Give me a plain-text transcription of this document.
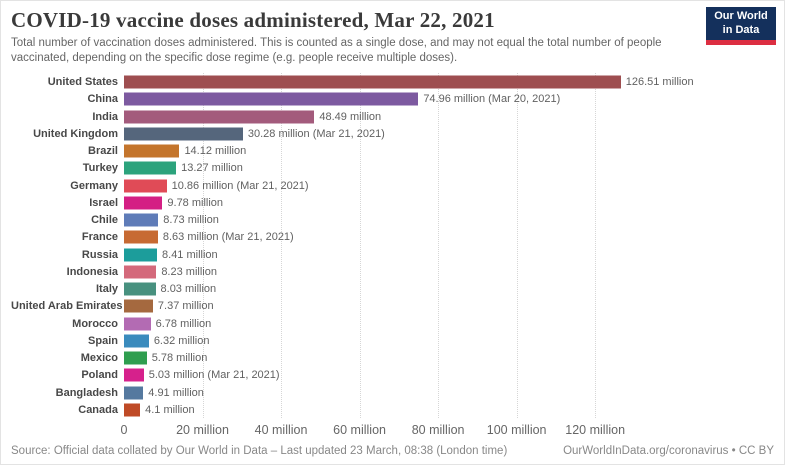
COVID-19 vaccine doses administered, Mar 22, 2021
Total number of vaccination doses administered. This is counted as a single dose, and may not equal the total number of people vaccinated, depending on the specific dose regime (e.g. people receive multiple doses).
Our World
in Data
United States	126.51 million
China	74.96 million (Mar 20, 2021)
India	48.49 million
United Kingdom	30.28 million (Mar 21, 2021)
Brazil	14.12 million
Turkey	13.27 million
Germany	10.86 million (Mar 21, 2021)
Israel	9.78 million
Chile	8.73 million
France	8.63 million (Mar 21, 2021)
Russia	8.41 million
Indonesia	8.23 million
Italy	8.03 million
United Arab Emirates	7.37 million
Morocco	6.78 million
Spain	6.32 million
Mexico	5.78 million
Poland	5.03 million (Mar 21, 2021)
Bangladesh	4.91 million
Canada	4.1 million
0	20 million 40 million 60 million 80 million 100 million 120 million
Source: Official data collated by Our World in Data – Last updated 23 March, 08:38 (London time)	OurWorldInData.org/coronavirus • CC BY
